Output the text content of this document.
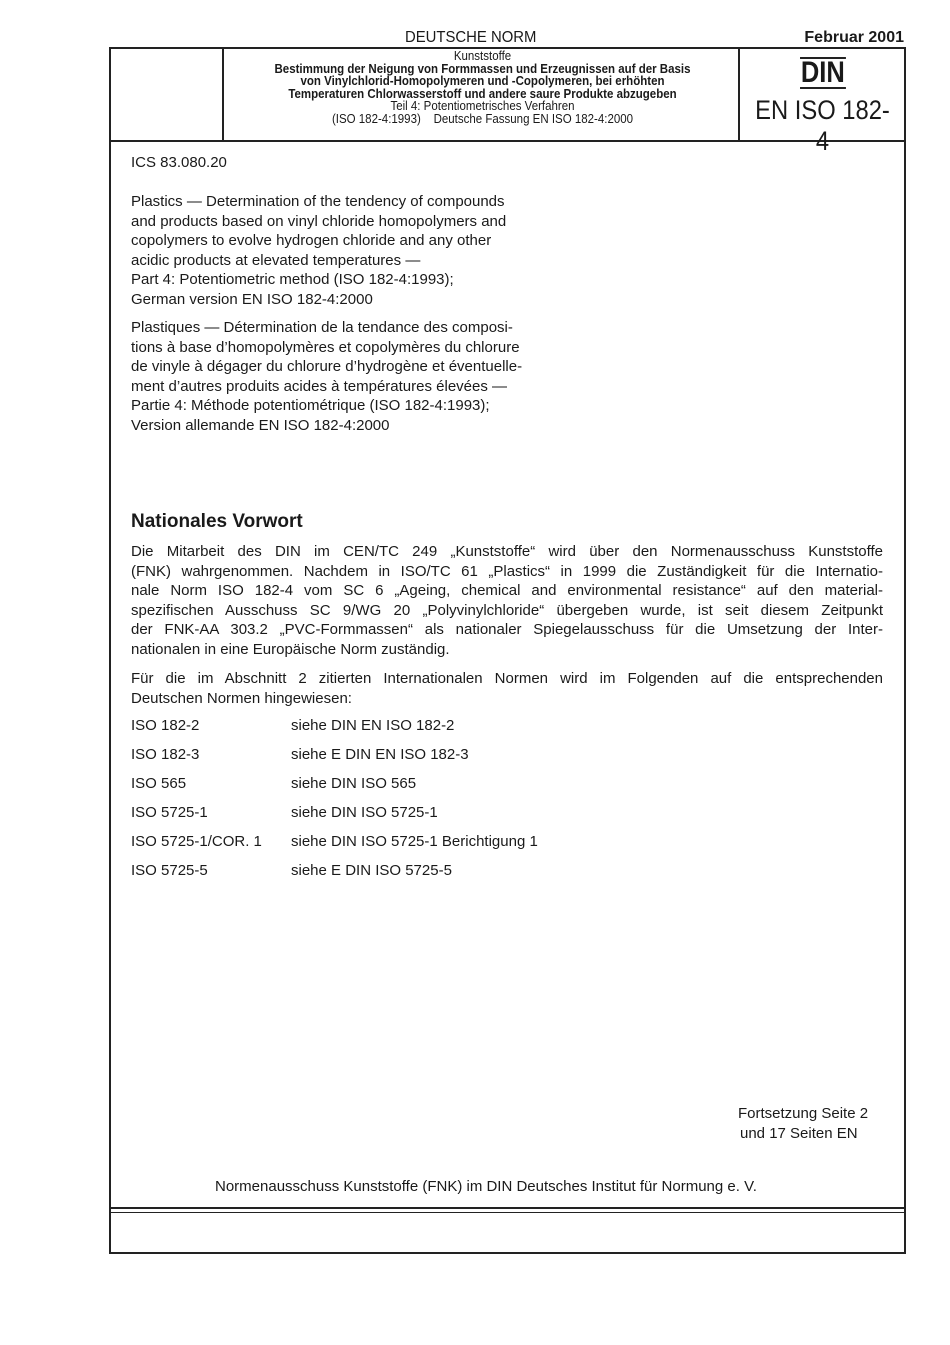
DEUTSCHE NORM	Februar 2001
Kunststoffe
Bestimmung der Neigung von Formmassen und Erzeugnissen auf der Basis
von Vinylchlorid-Homopolymeren und -Copolymeren, bei erhöhten
Temperaturen Chlorwasserstoff und andere saure Produkte abzugeben
Teil 4: Potentiometrisches Verfahren
(ISO 182-4:1993)    Deutsche Fassung EN ISO 182-4:2000
DIN
EN ISO 182-4
ICS 83.080.20
Plastics — Determination of the tendency of compounds
and products based on vinyl chloride homopolymers and
copolymers to evolve hydrogen chloride and any other
acidic products at elevated temperatures —
Part 4: Potentiometric method (ISO 182-4:1993);
German version EN ISO 182-4:2000
Plastiques — Détermination de la tendance des composi-
tions à base d’homopolymères et copolymères du chlorure
de vinyle à dégager du chlorure d’hydrogène et éventuelle-
ment d’autres produits acides à températures élevées —
Partie 4: Méthode potentiométrique (ISO 182-4:1993);
Version allemande EN ISO 182-4:2000
Nationales Vorwort
Die Mitarbeit des DIN im CEN/TC 249 „Kunststoffe“ wird über den Normenausschuss Kunststoffe
(FNK) wahrgenommen. Nachdem in ISO/TC 61 „Plastics“ in 1999 die Zuständigkeit für die Internatio-
nale Norm ISO 182-4 vom SC 6 „Ageing, chemical and environmental resistance“ auf den material-
spezifischen Ausschuss SC 9/WG 20 „Polyvinylchloride“ übergeben wurde, ist seit diesem Zeitpunkt
der FNK-AA 303.2 „PVC-Formmassen“ als nationaler Spiegelausschuss für die Umsetzung der Inter-
nationalen in eine Europäische Norm zuständig.
Für die im Abschnitt 2 zitierten Internationalen Normen wird im Folgenden auf die entsprechenden
Deutschen Normen hingewiesen:
ISO 182-2	siehe DIN EN ISO 182-2
ISO 182-3	siehe E DIN EN ISO 182-3
ISO 565	siehe DIN ISO 565
ISO 5725-1	siehe DIN ISO 5725-1
ISO 5725-1/COR. 1 siehe DIN ISO 5725-1 Berichtigung 1
ISO 5725-5	siehe E DIN ISO 5725-5
Fortsetzung Seite 2
und 17 Seiten EN
Normenausschuss Kunststoffe (FNK) im DIN Deutsches Institut für Normung e. V.
